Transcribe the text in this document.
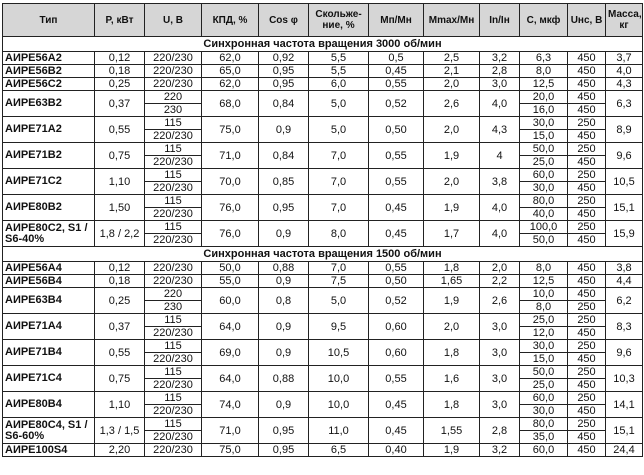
Тип	P, кВт	U, В	КПД, %	Cos φ	Скольже-ние, %	Мп/Мн	Mmax/Мн	In/Iн	С, мкф	Uнс, В	Масса, кг
Синхронная частота вращения 3000 об/мин											
АИРЕ56А2	0,12	220/230	62,0	0,92	5,5	0,5	2,5	3,2	6,3	450	3,7
АИРЕ56В2	0,18	220/230	65,0	0,95	5,5	0,45	2,1	2,8	8,0	450	4,0
АИРЕ56С2	0,25	220/230	62,0	0,95	6,0	0,55	2,0	3,0	12,5	450	4,3
АИРЕ63В2	0,37	220	68,0	0,84	5,0	0,52	2,6	4,0	20,0	450	6,3
		230							16,0	450	
АИРЕ71А2	0,55	115	75,0	0,9	5,0	0,50	2,0	4,3	30,0	250	8,9
		220/230							15,0	450	
АИРЕ71В2	0,75	115	71,0	0,84	7,0	0,55	1,9	4	50,0	250	9,6
		220/230							25,0	450	
АИРЕ71С2	1,10	115	70,0	0,85	7,0	0,55	2,0	3,8	60,0	250	10,5
		220/230							30,0	450	
АИРЕ80В2	1,50	115	76,0	0,95	7,0	0,45	1,9	4,0	80,0	250	15,1
		220/230							40,0	450	
АИРЕ80С2, S1 / S6-40%	1,8 / 2,2	115	76,0	0,9	8,0	0,45	1,7	4,0	100,0	250	15,9
		220/230							50,0	450	
Синхронная частота вращения 1500 об/мин											
АИРЕ56А4	0,12	220/230	50,0	0,88	7,0	0,55	1,8	2,0	8,0	450	3,8
АИРЕ56В4	0,18	220/230	55,0	0,9	7,5	0,50	1,65	2,2	12,5	450	4,4
АИРЕ63В4	0,25	220	60,0	0,8	5,0	0,52	1,9	2,6	10,0	450	6,2
		230							8,0	250	
АИРЕ71А4	0,37	115	64,0	0,9	9,5	0,60	2,0	3,0	25,0	250	8,3
		220/230							12,0	450	
АИРЕ71В4	0,55	115	69,0	0,9	10,5	0,60	1,8	3,0	30,0	250	9,6
		220/230							15,0	450	
АИРЕ71С4	0,75	115	64,0	0,88	10,0	0,55	1,6	3,0	50,0	250	10,3
		220/230							25,0	450	
АИРЕ80В4	1,10	115	74,0	0,9	10,0	0,45	1,8	3,0	60,0	250	14,1
		220/230							30,0	450	
АИРЕ80С4, S1 / S6-60%	1,3 / 1,5	115	71,0	0,95	11,0	0,45	1,55	2,8	80,0	250	15,1
		220/230							35,0	450	
АИРЕ100S4	2,20	220/230	75,0	0,95	6,5	0,40	1,9	3,2	60,0	450	24,4
